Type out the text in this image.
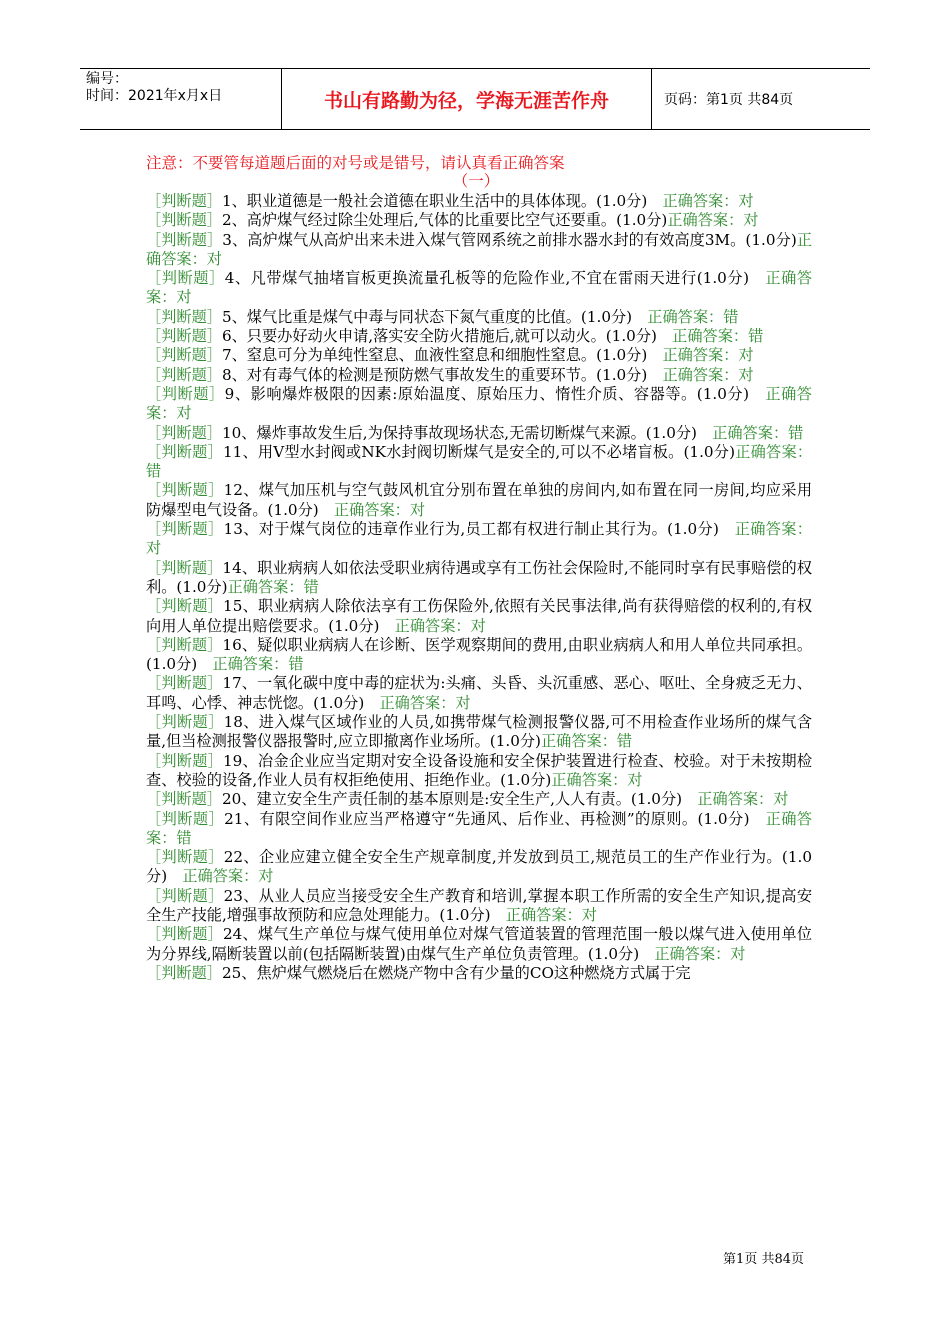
编号：
时间：2021年x月x日	书山有路勤为径，学海无涯苦作舟	页码：第1页 共84页
注意：不要管每道题后面的对号或是错号，请认真看正确答案
（一）

［判断题］1、职业道德是一般社会道德在职业生活中的具体体现。(1.0分)　正确答案：对

［判断题］2、高炉煤气经过除尘处理后,气体的比重要比空气还要重。(1.0分)正确答案：对

［判断题］3、高炉煤气从高炉出来未进入煤气管网系统之前排水器水封的有效高度3M。(1.0分)正确答案：对

［判断题］4、凡带煤气抽堵盲板更换流量孔板等的危险作业,不宜在雷雨天进行(1.0分)　正确答案：对

［判断题］5、煤气比重是煤气中毒与同状态下氮气重度的比值。(1.0分)　正确答案：错

［判断题］6、只要办好动火申请,落实安全防火措施后,就可以动火。(1.0分)　正确答案：错

［判断题］7、窒息可分为单纯性窒息、血液性窒息和细胞性窒息。(1.0分)　正确答案：对

［判断题］8、对有毒气体的检测是预防燃气事故发生的重要环节。(1.0分)　正确答案：对

［判断题］9、影响爆炸极限的因素:原始温度、原始压力、惰性介质、容器等。(1.0分)　正确答案：对

［判断题］10、爆炸事故发生后,为保持事故现场状态,无需切断煤气来源。(1.0分)　正确答案：错

［判断题］11、用V型水封阀或NK水封阀切断煤气是安全的,可以不必堵盲板。(1.0分)正确答案：错

［判断题］12、煤气加压机与空气鼓风机宜分别布置在单独的房间内,如布置在同一房间,均应采用防爆型电气设备。(1.0分)　正确答案：对

［判断题］13、对于煤气岗位的违章作业行为,员工都有权进行制止其行为。(1.0分)　正确答案：对

［判断题］14、职业病病人如依法受职业病待遇或享有工伤社会保险时,不能同时享有民事赔偿的权利。(1.0分)正确答案：错

［判断题］15、职业病病人除依法享有工伤保险外,依照有关民事法律,尚有获得赔偿的权利的,有权向用人单位提出赔偿要求。(1.0分)　正确答案：对

［判断题］16、疑似职业病病人在诊断、医学观察期间的费用,由职业病病人和用人单位共同承担。(1.0分)　正确答案：错

［判断题］17、一氧化碳中度中毒的症状为:头痛、头昏、头沉重感、恶心、呕吐、全身疲乏无力、耳鸣、心悸、神志恍惚。(1.0分)　正确答案：对

［判断题］18、进入煤气区域作业的人员,如携带煤气检测报警仪器,可不用检查作业场所的煤气含量,但当检测报警仪器报警时,应立即撤离作业场所。(1.0分)正确答案：错

［判断题］19、冶金企业应当定期对安全设备设施和安全保护装置进行检查、校验。对于未按期检查、校验的设备,作业人员有权拒绝使用、拒绝作业。(1.0分)正确答案：对

［判断题］20、建立安全生产责任制的基本原则是:安全生产,人人有责。(1.0分)　正确答案：对

［判断题］21、有限空间作业应当严格遵守“先通风、后作业、再检测”的原则。(1.0分)　正确答案：错

［判断题］22、企业应建立健全安全生产规章制度,并发放到员工,规范员工的生产作业行为。(1.0分)　正确答案：对

［判断题］23、从业人员应当接受安全生产教育和培训,掌握本职工作所需的安全生产知识,提高安全生产技能,增强事故预防和应急处理能力。(1.0分)　正确答案：对

［判断题］24、煤气生产单位与煤气使用单位对煤气管道装置的管理范围一般以煤气进入使用单位为分界线,隔断装置以前(包括隔断装置)由煤气生产单位负责管理。(1.0分)　正确答案：对

［判断题］25、焦炉煤气燃烧后在燃烧产物中含有少量的CO这种燃烧方式属于完

第1页 共84页
